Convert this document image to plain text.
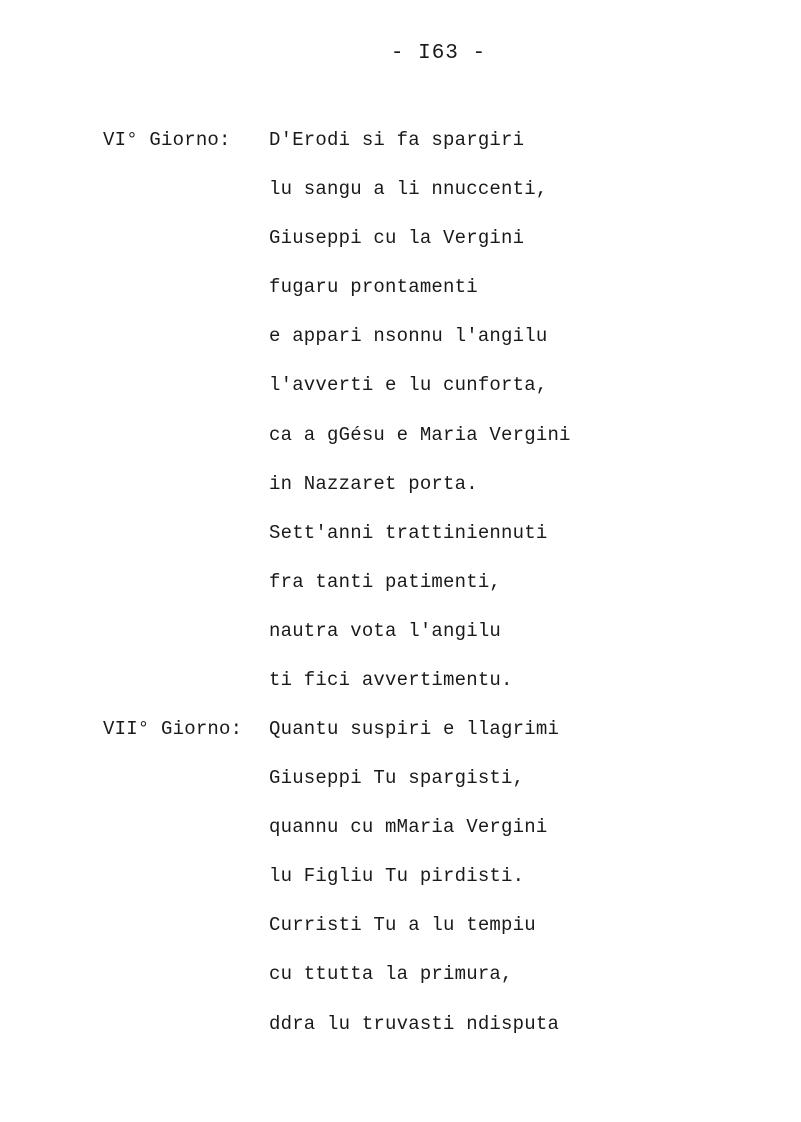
- I63 -
VI° Giorno: D'Erodi si fa spargiri
lu sangu a li nnuccenti,
Giuseppi cu la Vergini
fugaru prontamenti
e appari nsonnu l'angilu
l'avverti e lu cunforta,
ca a gGésu e Maria Vergini
in Nazzaret porta.
Sett'anni trattiniennuti
fra tanti patimenti,
nautra vota l'angilu
ti fici avvertimentu.
VII° Giorno: Quantu suspiri e llagrimi
Giuseppi Tu spargisti,
quannu cu mMaria Vergini
lu Figliu Tu pirdisti.
Curristi Tu a lu tempiu
cu ttutta la primura,
ddra lu truvasti ndisputa
